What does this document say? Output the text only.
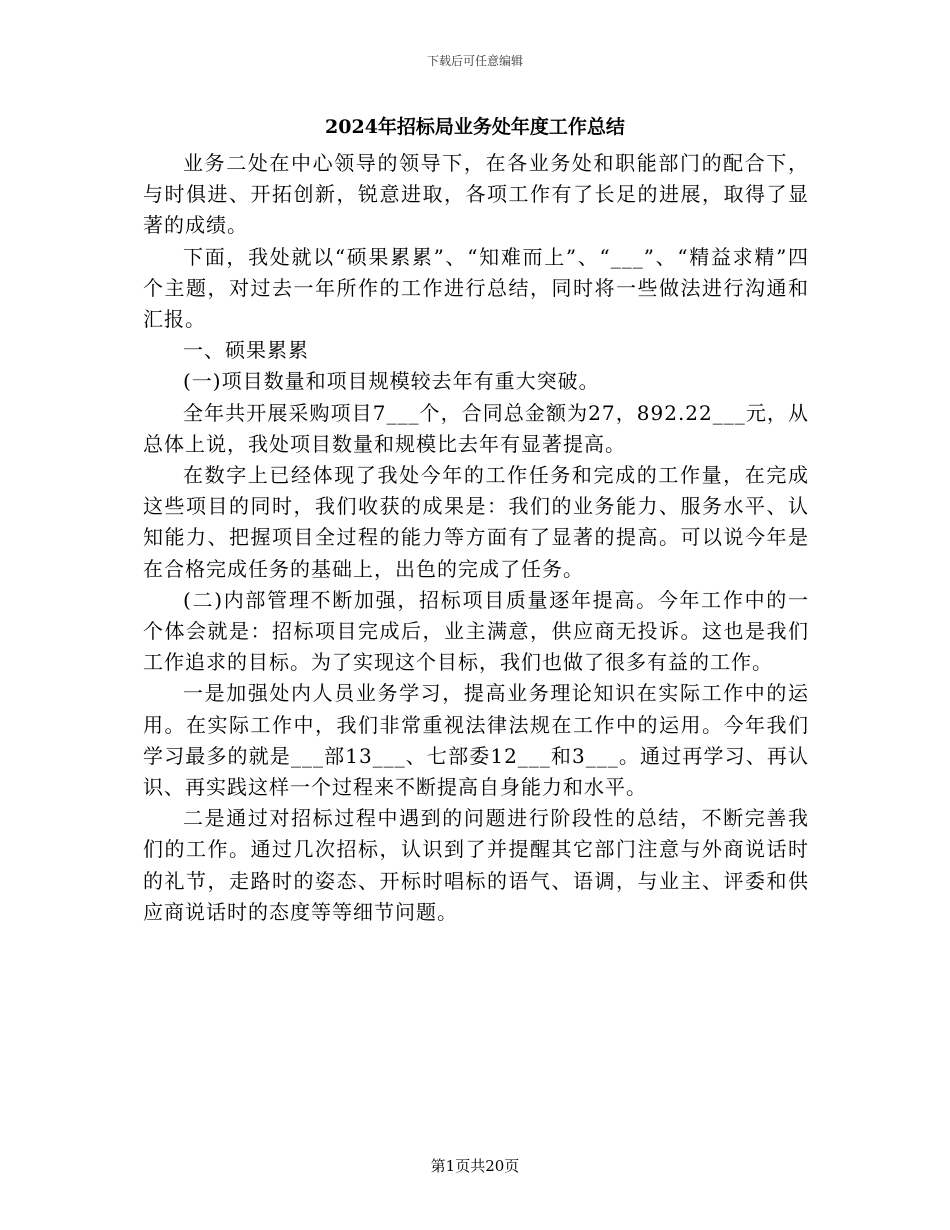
下载后可任意编辑
2024年招标局业务处年度工作总结

业务二处在中心领导的领导下，在各业务处和职能部门的配合下，与时俱进、开拓创新，锐意进取，各项工作有了长足的进展，取得了显著的成绩。

下面，我处就以“硕果累累”、“知难而上”、“___”、“精益求精”四个主题，对过去一年所作的工作进行总结，同时将一些做法进行沟通和汇报。

一、硕果累累

(一)项目数量和项目规模较去年有重大突破。

全年共开展采购项目7___个，合同总金额为27，892.22___元，从总体上说，我处项目数量和规模比去年有显著提高。

在数字上已经体现了我处今年的工作任务和完成的工作量，在完成这些项目的同时，我们收获的成果是：我们的业务能力、服务水平、认知能力、把握项目全过程的能力等方面有了显著的提高。可以说今年是在合格完成任务的基础上，出色的完成了任务。

(二)内部管理不断加强，招标项目质量逐年提高。今年工作中的一个体会就是：招标项目完成后，业主满意，供应商无投诉。这也是我们工作追求的目标。为了实现这个目标，我们也做了很多有益的工作。

一是加强处内人员业务学习，提高业务理论知识在实际工作中的运用。在实际工作中，我们非常重视法律法规在工作中的运用。今年我们学习最多的就是___部13___、七部委12___和3___。通过再学习、再认识、再实践这样一个过程来不断提高自身能力和水平。

二是通过对招标过程中遇到的问题进行阶段性的总结，不断完善我们的工作。通过几次招标，认识到了并提醒其它部门注意与外商说话时的礼节，走路时的姿态、开标时唱标的语气、语调，与业主、评委和供应商说话时的态度等等细节问题。

第1页共20页
